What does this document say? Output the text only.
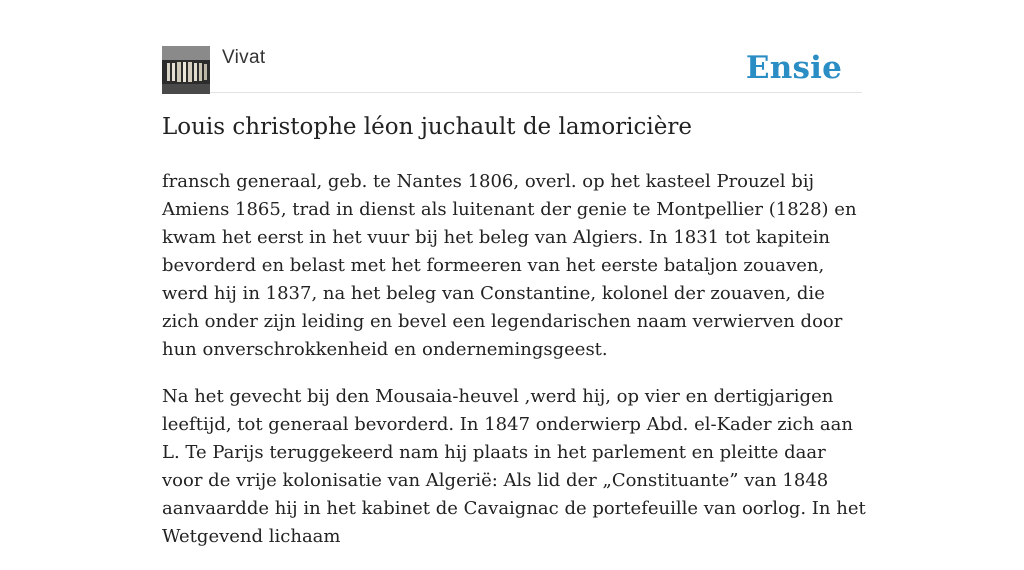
Vivat	Ensie
Louis christophe léon juchault de lamoricière

fransch generaal, geb. te Nantes 1806, overl. op het kasteel Prouzel bij Amiens 1865, trad in dienst als luitenant der genie te Montpellier (1828) en kwam het eerst in het vuur bij het beleg van Algiers. In 1831 tot kapitein bevorderd en belast met het formeeren van het eerste bataljon zouaven, werd hij in 1837, na het beleg van Constantine, kolonel der zouaven, die zich onder zijn leiding en bevel een legendarischen naam verwierven door hun onverschrokkenheid en ondernemingsgeest.

Na het gevecht bij den Mousaia-heuvel ,werd hij, op vier en dertigjarigen leeftijd, tot generaal bevorderd. In 1847 onderwierp Abd. el-Kader zich aan L. Te Parijs teruggekeerd nam hij plaats in het parlement en pleitte daar voor de vrije kolonisatie van Algerië: Als lid der „Constituante” van 1848 aanvaardde hij in het kabinet de Cavaignac de portefeuille van oorlog. In het Wetgevend lichaam
